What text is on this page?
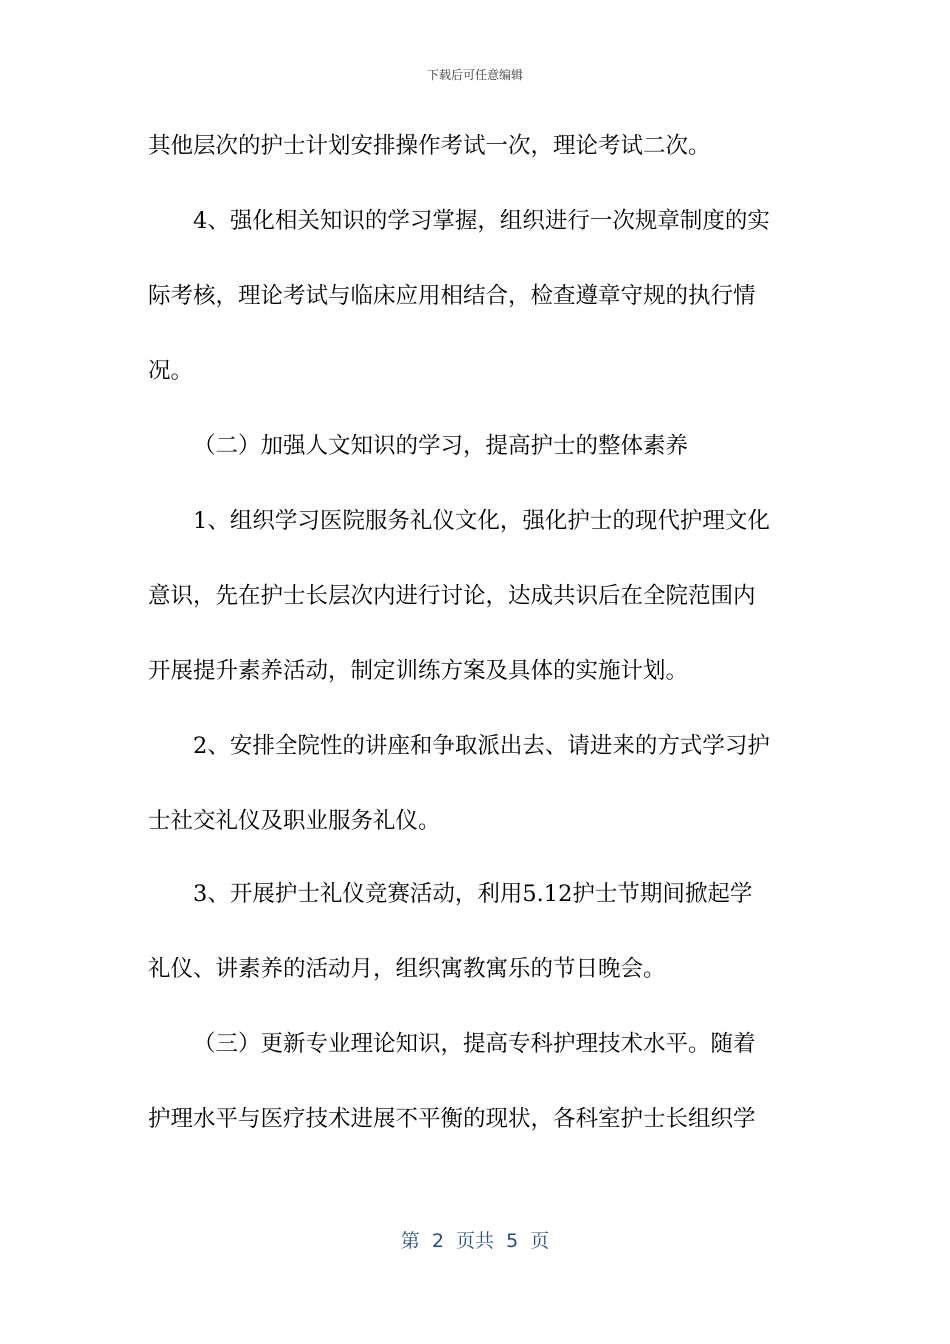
下载后可任意编辑
其他层次的护士计划安排操作考试一次，理论考试二次。
4、强化相关知识的学习掌握，组织进行一次规章制度的实
际考核，理论考试与临床应用相结合，检查遵章守规的执行情
况。
（二）加强人文知识的学习，提高护士的整体素养
1、组织学习医院服务礼仪文化，强化护士的现代护理文化
意识，先在护士长层次内进行讨论，达成共识后在全院范围内
开展提升素养活动，制定训练方案及具体的实施计划。
2、安排全院性的讲座和争取派出去、请进来的方式学习护
士社交礼仪及职业服务礼仪。
3、开展护士礼仪竞赛活动，利用5.12护士节期间掀起学
礼仪、讲素养的活动月，组织寓教寓乐的节日晚会。
（三）更新专业理论知识，提高专科护理技术水平。随着
护理水平与医疗技术进展不平衡的现状，各科室护士长组织学
第  2  页共  5  页
